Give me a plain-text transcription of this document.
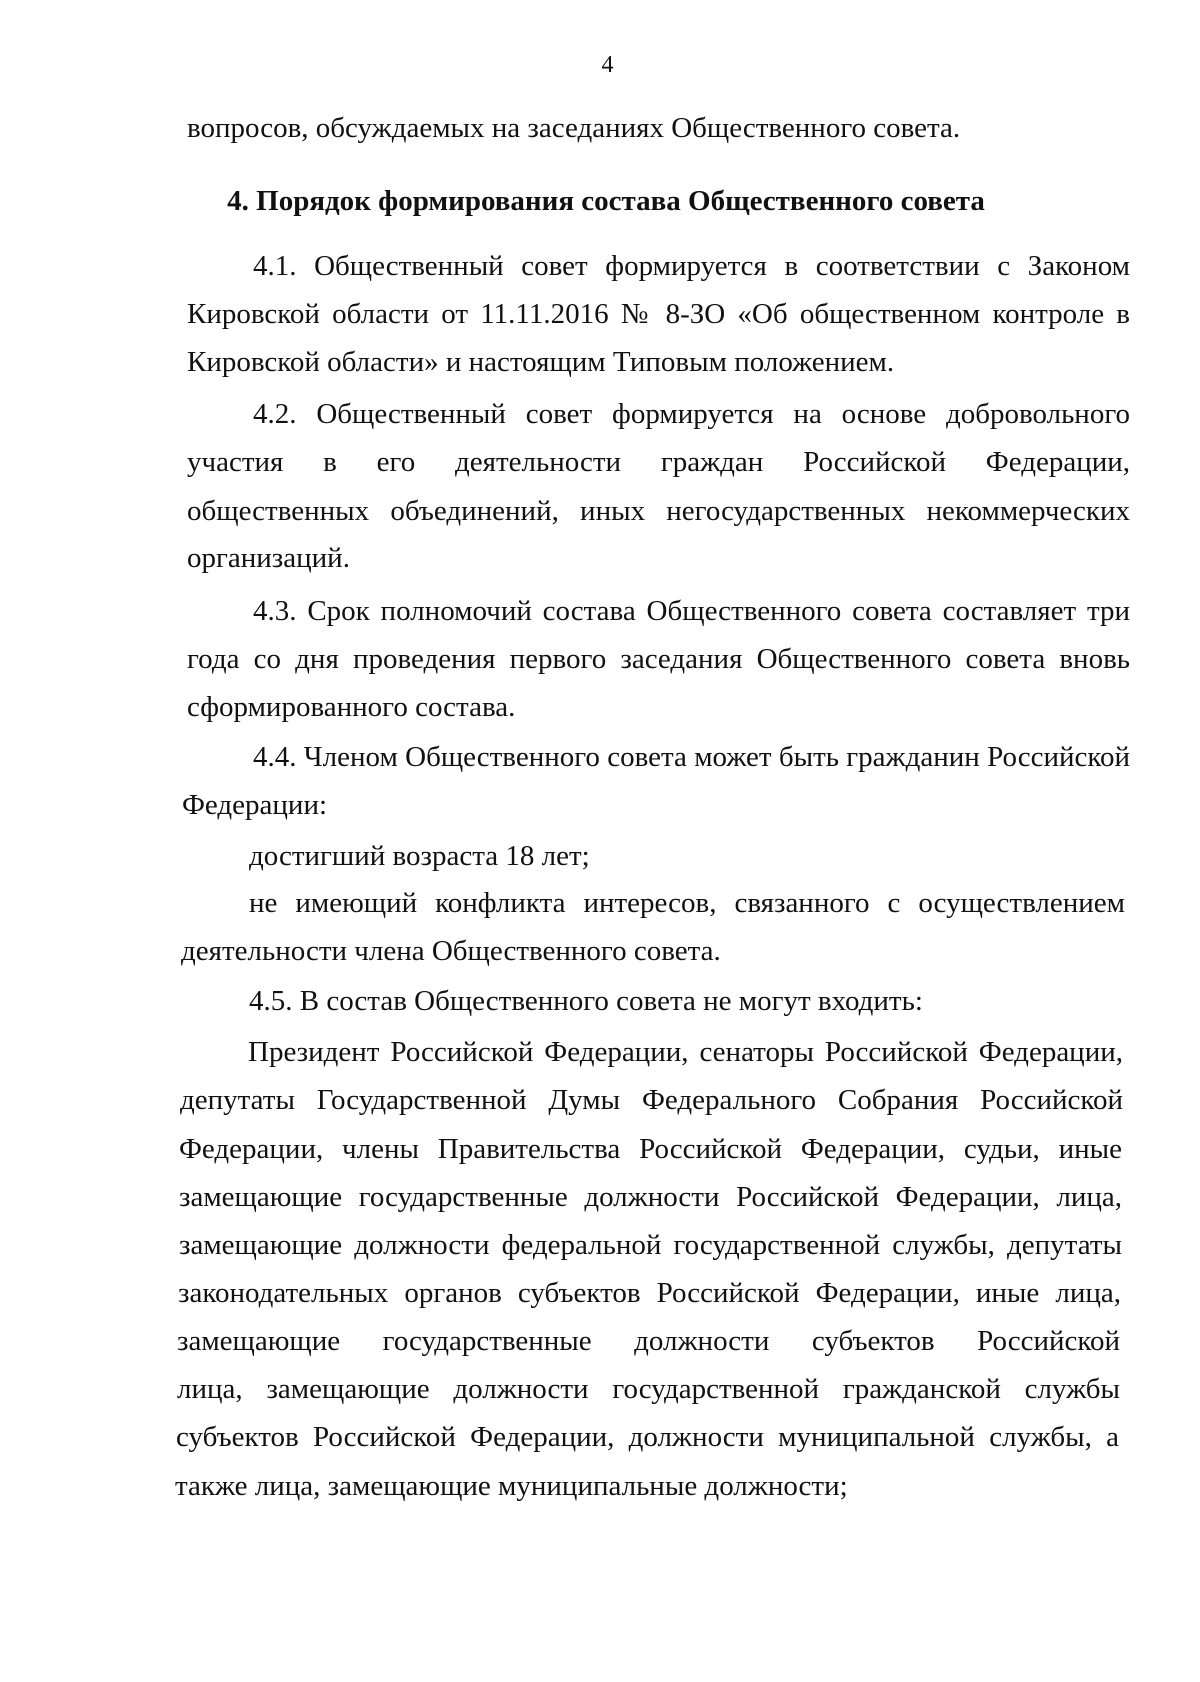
4
вопросов, обсуждаемых на заседаниях Общественного совета.
4. Порядок формирования состава Общественного совета
4.1. Общественный совет формируется в соответствии с Законом
Кировской области от 11.11.2016 № 8-ЗО «Об общественном контроле в
Кировской области» и настоящим Типовым положением.
4.2. Общественный совет формируется на основе добровольного
участия в его деятельности граждан Российской Федерации,
общественных объединений, иных негосударственных некоммерческих
организаций.
4.3. Срок полномочий состава Общественного совета составляет три
года со дня проведения первого заседания Общественного совета вновь
сформированного состава.
4.4. Членом Общественного совета может быть гражданин Российской
Федерации:
достигший возраста 18 лет;
не имеющий конфликта интересов, связанного с осуществлением
деятельности члена Общественного совета.
4.5. В состав Общественного совета не могут входить:
Президент Российской Федерации, сенаторы Российской Федерации,
депутаты Государственной Думы Федерального Собрания Российской
Федерации, члены Правительства Российской Федерации, судьи, иные
замещающие государственные должности Российской Федерации, лица,
замещающие должности федеральной государственной службы, депутаты
законодательных органов субъектов Российской Федерации, иные лица,
замещающие государственные должности субъектов Российской
лица, замещающие должности государственной гражданской службы
субъектов Российской Федерации, должности муниципальной службы, а
также лица, замещающие муниципальные должности;
